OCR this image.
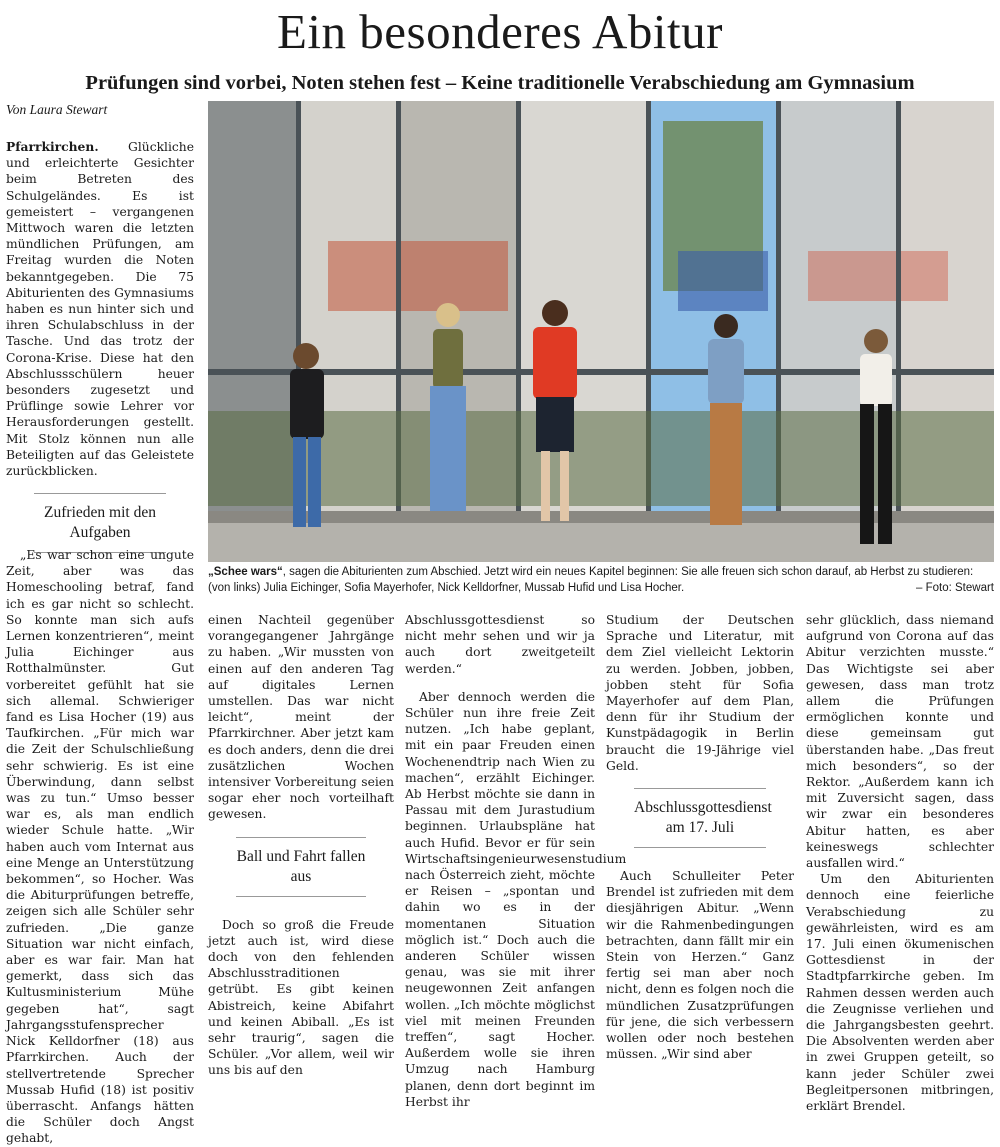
Ein besonderes Abitur
Prüfungen sind vorbei, Noten stehen fest – Keine traditionelle Verabschiedung am Gymnasium
Von Laura Stewart

Pfarrkirchen. Glückliche und erleichterte Gesichter beim Betreten des Schulgeländes. Es ist gemeistert – vergangenen Mittwoch waren die letzten mündlichen Prüfungen, am Freitag wurden die Noten bekanntgegeben. Die 75 Abiturienten des Gymnasiums haben es nun hinter sich und ihren Schulabschluss in der Tasche. Und das trotz der Corona-Krise. Diese hat den Abschlussschülern heuer besonders zugesetzt und Prüflinge sowie Lehrer vor Herausforderungen gestellt. Mit Stolz können nun alle Beteiligten auf das Geleistete zurückblicken.

Zufrieden mit den Aufgaben
„Schee wars“, sagen die Abiturienten zum Abschied. Jetzt wird ein neues Kapitel beginnen: Sie alle freuen sich schon darauf, ab Herbst zu studieren: (von links) Julia Eichinger, Sofia Mayerhofer, Nick Kelldorfner, Mussab Hufid und Lisa Hocher.	– Foto: Stewart

„Es war schon eine ungute Zeit, aber was das Homeschooling betraf, fand ich es gar nicht so schlecht. So konnte man sich aufs Lernen konzentrieren“, meint Julia Eichinger aus Rotthalmünster. Gut vorbereitet gefühlt hat sie sich allemal. Schwieriger fand es Lisa Hocher (19) aus Taufkirchen. „Für mich war die Zeit der Schulschließung sehr schwierig. Es ist eine Überwindung, dann selbst was zu tun.“ Umso besser war es, als man endlich wieder Schule hatte. „Wir haben auch vom Internat aus eine Menge an Unterstützung bekommen“, so Hocher. Was die Abiturprüfungen betreffe, zeigen sich alle Schüler sehr zufrieden. „Die ganze Situation war nicht einfach, aber es war fair. Man hat gemerkt, dass sich das Kultusministerium Mühe gegeben hat“, sagt Jahrgangsstufensprecher Nick Kelldorfner (18) aus Pfarrkirchen. Auch der stellvertretende Sprecher Mussab Hufid (18) ist positiv überrascht. Anfangs hätten die Schüler doch Angst gehabt,

einen Nachteil gegenüber vorangegangener Jahrgänge zu haben. „Wir mussten von einen auf den anderen Tag auf digitales Lernen umstellen. Das war nicht leicht“, meint der Pfarrkirchner. Aber jetzt kam es doch anders, denn die drei zusätzlichen Wochen intensiver Vorbereitung seien sogar eher noch vorteilhaft gewesen.

Ball und Fahrt fallen aus

Doch so groß die Freude jetzt auch ist, wird diese doch von den fehlenden Abschlusstraditionen getrübt. Es gibt keinen Abistreich, keine Abifahrt und keinen Abiball. „Es ist sehr traurig“, sagen die Schüler. „Vor allem, weil wir uns bis auf den

Abschlussgottesdienst so nicht mehr sehen und wir ja auch dort zweitgeteilt werden.“

Aber dennoch werden die Schüler nun ihre freie Zeit nutzen. „Ich habe geplant, mit ein paar Freuden einen Wochenendtrip nach Wien zu machen“, erzählt Eichinger. Ab Herbst möchte sie dann in Passau mit dem Jurastudium beginnen. Urlaubspläne hat auch Hufid. Bevor er für sein Wirtschaftsingenieurwesenstudium nach Österreich zieht, möchte er Reisen – „spontan und dahin wo es in der momentanen Situation möglich ist.“ Doch auch die anderen Schüler wissen genau, was sie mit ihrer neugewonnen Zeit anfangen wollen. „Ich möchte möglichst viel mit meinen Freunden treffen“, sagt Hocher. Außerdem wolle sie ihren Umzug nach Hamburg planen, denn dort beginnt im Herbst ihr

Studium der Deutschen Sprache und Literatur, mit dem Ziel vielleicht Lektorin zu werden. Jobben, jobben, jobben steht für Sofia Mayerhofer auf dem Plan, denn für ihr Studium der Kunstpädagogik in Berlin braucht die 19-Jährige viel Geld.

Abschlussgottesdienst am 17. Juli

Auch Schulleiter Peter Brendel ist zufrieden mit dem diesjährigen Abitur. „Wenn wir die Rahmenbedingungen betrachten, dann fällt mir ein Stein von Herzen.“ Ganz fertig sei man aber noch nicht, denn es folgen noch die mündlichen Zusatzprüfungen für jene, die sich verbessern wollen oder noch bestehen müssen. „Wir sind aber

sehr glücklich, dass niemand aufgrund von Corona auf das Abitur verzichten musste.“ Das Wichtigste sei aber gewesen, dass man trotz allem die Prüfungen ermöglichen konnte und diese gemeinsam gut überstanden habe. „Das freut mich besonders“, so der Rektor. „Außerdem kann ich mit Zuversicht sagen, dass wir zwar ein besonderes Abitur hatten, es aber keineswegs schlechter ausfallen wird.“

Um den Abiturienten dennoch eine feierliche Verabschiedung zu gewährleisten, wird es am 17. Juli einen ökumenischen Gottesdienst in der Stadtpfarrkirche geben. Im Rahmen dessen werden auch die Zeugnisse verliehen und die Jahrgangsbesten geehrt. Die Absolventen werden aber in zwei Gruppen geteilt, so kann jeder Schüler zwei Begleitpersonen mitbringen, erklärt Brendel.
